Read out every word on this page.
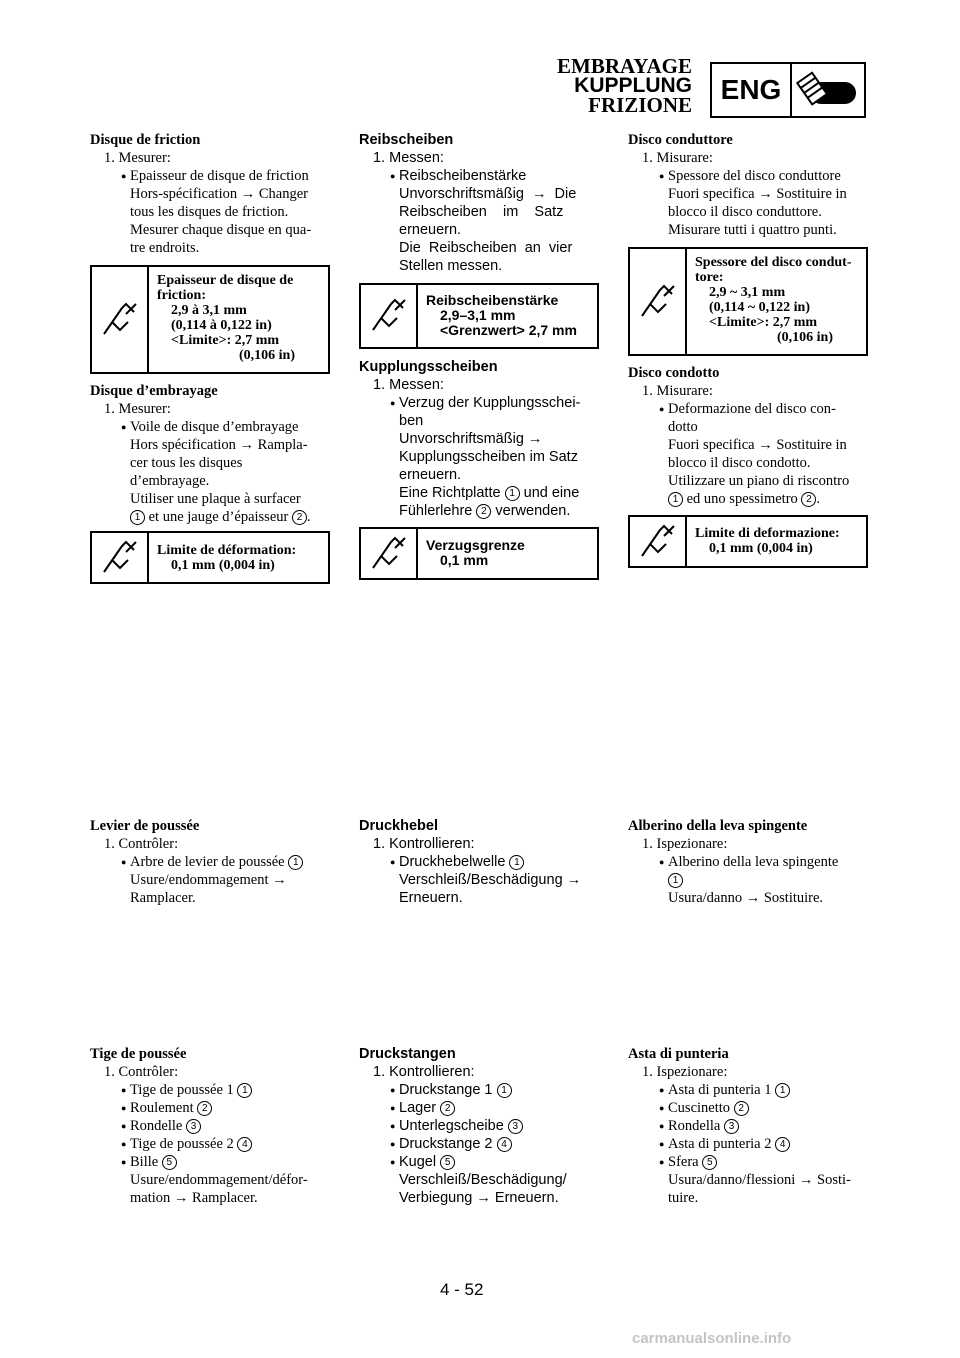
EMBRAYAGE
KUPPLUNG
FRIZIONE	ENG
Disque de friction
1. Mesurer:
● Epaisseur de disque de friction
Hors-spécification → Changer
tous les disques de friction.
Mesurer chaque disque en qua-
tre endroits.
Epaisseur de disque de
friction:
2,9 à 3,1 mm
(0,114 à 0,122 in)
<Limite>: 2,7 mm
(0,106 in)
Disque d’embrayage
1. Mesurer:
● Voile de disque d’embrayage
Hors spécification → Rampla-
cer tous les disques
d’embrayage.
Utiliser une plaque à surfacer
1 et une jauge d’épaisseur 2 .
Limite de déformation:
0,1 mm (0,004 in)
Levier de poussée
1. Contrôler:
● Arbre de levier de poussée 1
Usure/endommagement →
Ramplacer.
Tige de poussée
1. Contrôler:
● Tige de poussée 1 1
● Roulement 2
● Rondelle 3
● Tige de poussée 2 4
● Bille 5
Usure/endommagement/défor-
mation → Ramplacer.
Reibscheiben
1. Messen:
● Reibscheibenstärke
Unvorschriftsmäßig  →  Die
Reibscheiben    im    Satz
erneuern.
Die  Reibscheiben  an  vier
Stellen messen.
Reibscheibenstärke
2,9–3,1 mm
<Grenzwert> 2,7 mm
Kupplungsscheiben
1. Messen:
● Verzug der Kupplungsschei-
ben
Unvorschriftsmäßig →
Kupplungsscheiben im Satz
erneuern.
Eine Richtplatte 1 und eine
Fühlerlehre 2 verwenden.
Verzugsgrenze
0,1 mm
Druckhebel
1. Kontrollieren:
● Druckhebelwelle 1
Verschleiß/Beschädigung →
Erneuern.
Druckstangen
1. Kontrollieren:
● Druckstange 1 1
● Lager 2
● Unterlegscheibe 3
● Druckstange 2 4
● Kugel 5
Verschleiß/Beschädigung/
Verbiegung → Erneuern.
Disco conduttore
1. Misurare:
● Spessore del disco conduttore
Fuori specifica → Sostituire in
blocco il disco conduttore.
Misurare tutti i quattro punti.
Spessore del disco condut-
tore:
2,9 ~ 3,1 mm
(0,114 ~ 0,122 in)
<Limite>: 2,7 mm
(0,106 in)
Disco condotto
1. Misurare:
● Deformazione del disco con-
dotto
Fuori specifica → Sostituire in
blocco il disco condotto.
Utilizzare un piano di riscontro
1 ed uno spessimetro 2 .
Limite di deformazione:
0,1 mm (0,004 in)
Alberino della leva spingente
1. Ispezionare:
● Alberino della leva spingente
1
Usura/danno → Sostituire.
Asta di punteria
1. Ispezionare:
● Asta di punteria 1 1
● Cuscinetto 2
● Rondella 3
● Asta di punteria 2 4
● Sfera 5
Usura/danno/flessioni → Sosti-
tuire.
4 - 52
carmanualsonline.info
